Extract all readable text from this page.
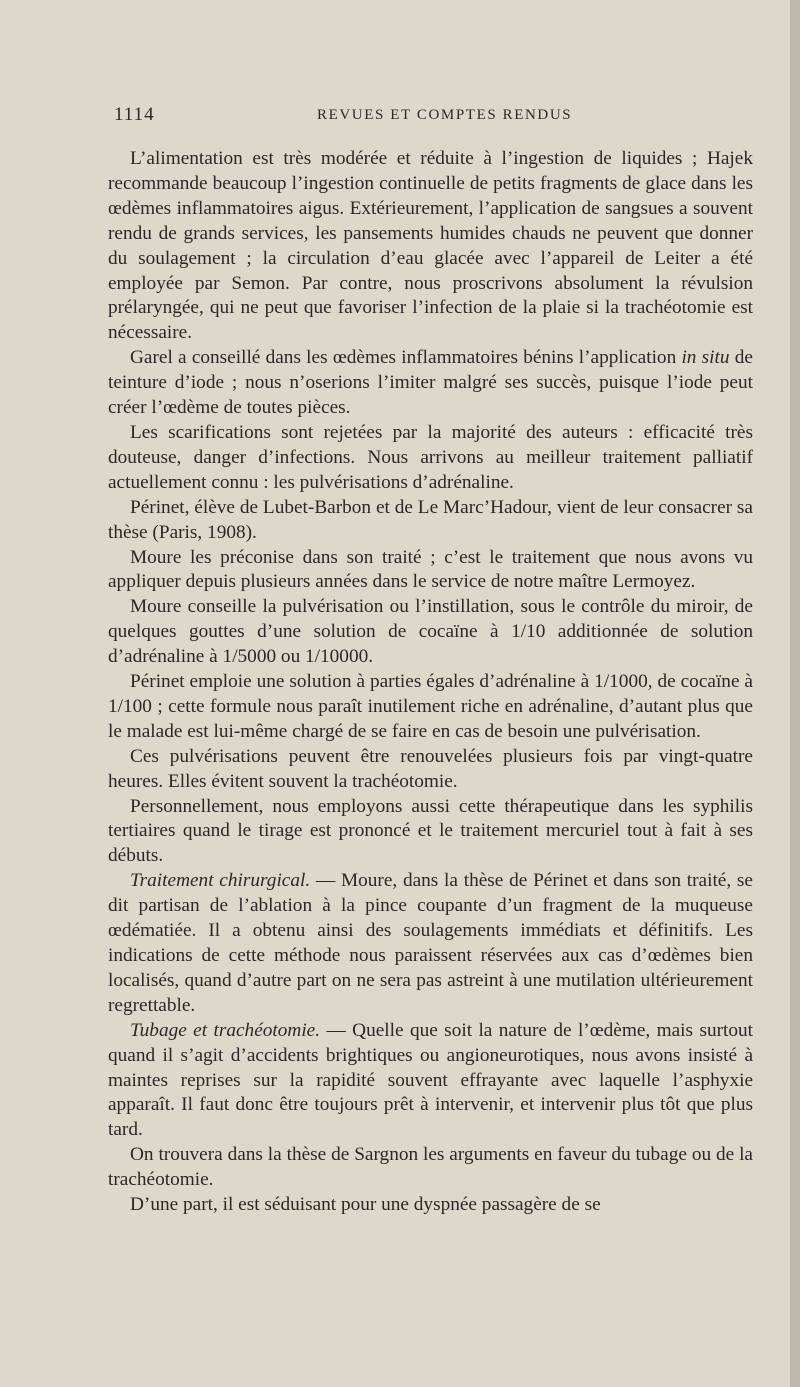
1114	REVUES ET COMPTES RENDUS

L’alimentation est très modérée et réduite à l’ingestion de liquides ; Hajek recommande beaucoup l’ingestion continuelle de petits fragments de glace dans les œdèmes inflammatoires aigus. Extérieurement, l’application de sangsues a souvent rendu de grands services, les pansements humides chauds ne peuvent que donner du soulagement ; la circulation d’eau glacée avec l’appareil de Leiter a été employée par Semon. Par contre, nous proscrivons absolument la révulsion prélaryngée, qui ne peut que favoriser l’infection de la plaie si la trachéotomie est nécessaire.

Garel a conseillé dans les œdèmes inflammatoires bénins l’application in situ de teinture d’iode ; nous n’oserions l’imiter malgré ses succès, puisque l’iode peut créer l’œdème de toutes pièces.

Les scarifications sont rejetées par la majorité des auteurs : efficacité très douteuse, danger d’infections. Nous arrivons au meilleur traitement palliatif actuellement connu : les pulvérisations d’adrénaline.

Périnet, élève de Lubet-Barbon et de Le Marc’Hadour, vient de leur consacrer sa thèse (Paris, 1908).

Moure les préconise dans son traité ; c’est le traitement que nous avons vu appliquer depuis plusieurs années dans le service de notre maître Lermoyez.

Moure conseille la pulvérisation ou l’instillation, sous le contrôle du miroir, de quelques gouttes d’une solution de cocaïne à 1/10 additionnée de solution d’adrénaline à 1/5000 ou 1/10000.

Périnet emploie une solution à parties égales d’adrénaline à 1/1000, de cocaïne à 1/100 ; cette formule nous paraît inutilement riche en adrénaline, d’autant plus que le malade est lui-même chargé de se faire en cas de besoin une pulvérisation.

Ces pulvérisations peuvent être renouvelées plusieurs fois par vingt-quatre heures. Elles évitent souvent la trachéotomie.

Personnellement, nous employons aussi cette thérapeutique dans les syphilis tertiaires quand le tirage est prononcé et le traitement mercuriel tout à fait à ses débuts.

Traitement chirurgical. — Moure, dans la thèse de Périnet et dans son traité, se dit partisan de l’ablation à la pince coupante d’un fragment de la muqueuse œdématiée. Il a obtenu ainsi des soulagements immédiats et définitifs. Les indications de cette méthode nous paraissent réservées aux cas d’œdèmes bien localisés, quand d’autre part on ne sera pas astreint à une mutilation ultérieurement regrettable.

Tubage et trachéotomie. — Quelle que soit la nature de l’œdème, mais surtout quand il s’agit d’accidents brightiques ou angioneurotiques, nous avons insisté à maintes reprises sur la rapidité souvent effrayante avec laquelle l’asphyxie apparaît. Il faut donc être toujours prêt à intervenir, et intervenir plus tôt que plus tard.

On trouvera dans la thèse de Sargnon les arguments en faveur du tubage ou de la trachéotomie.

D’une part, il est séduisant pour une dyspnée passagère de se
